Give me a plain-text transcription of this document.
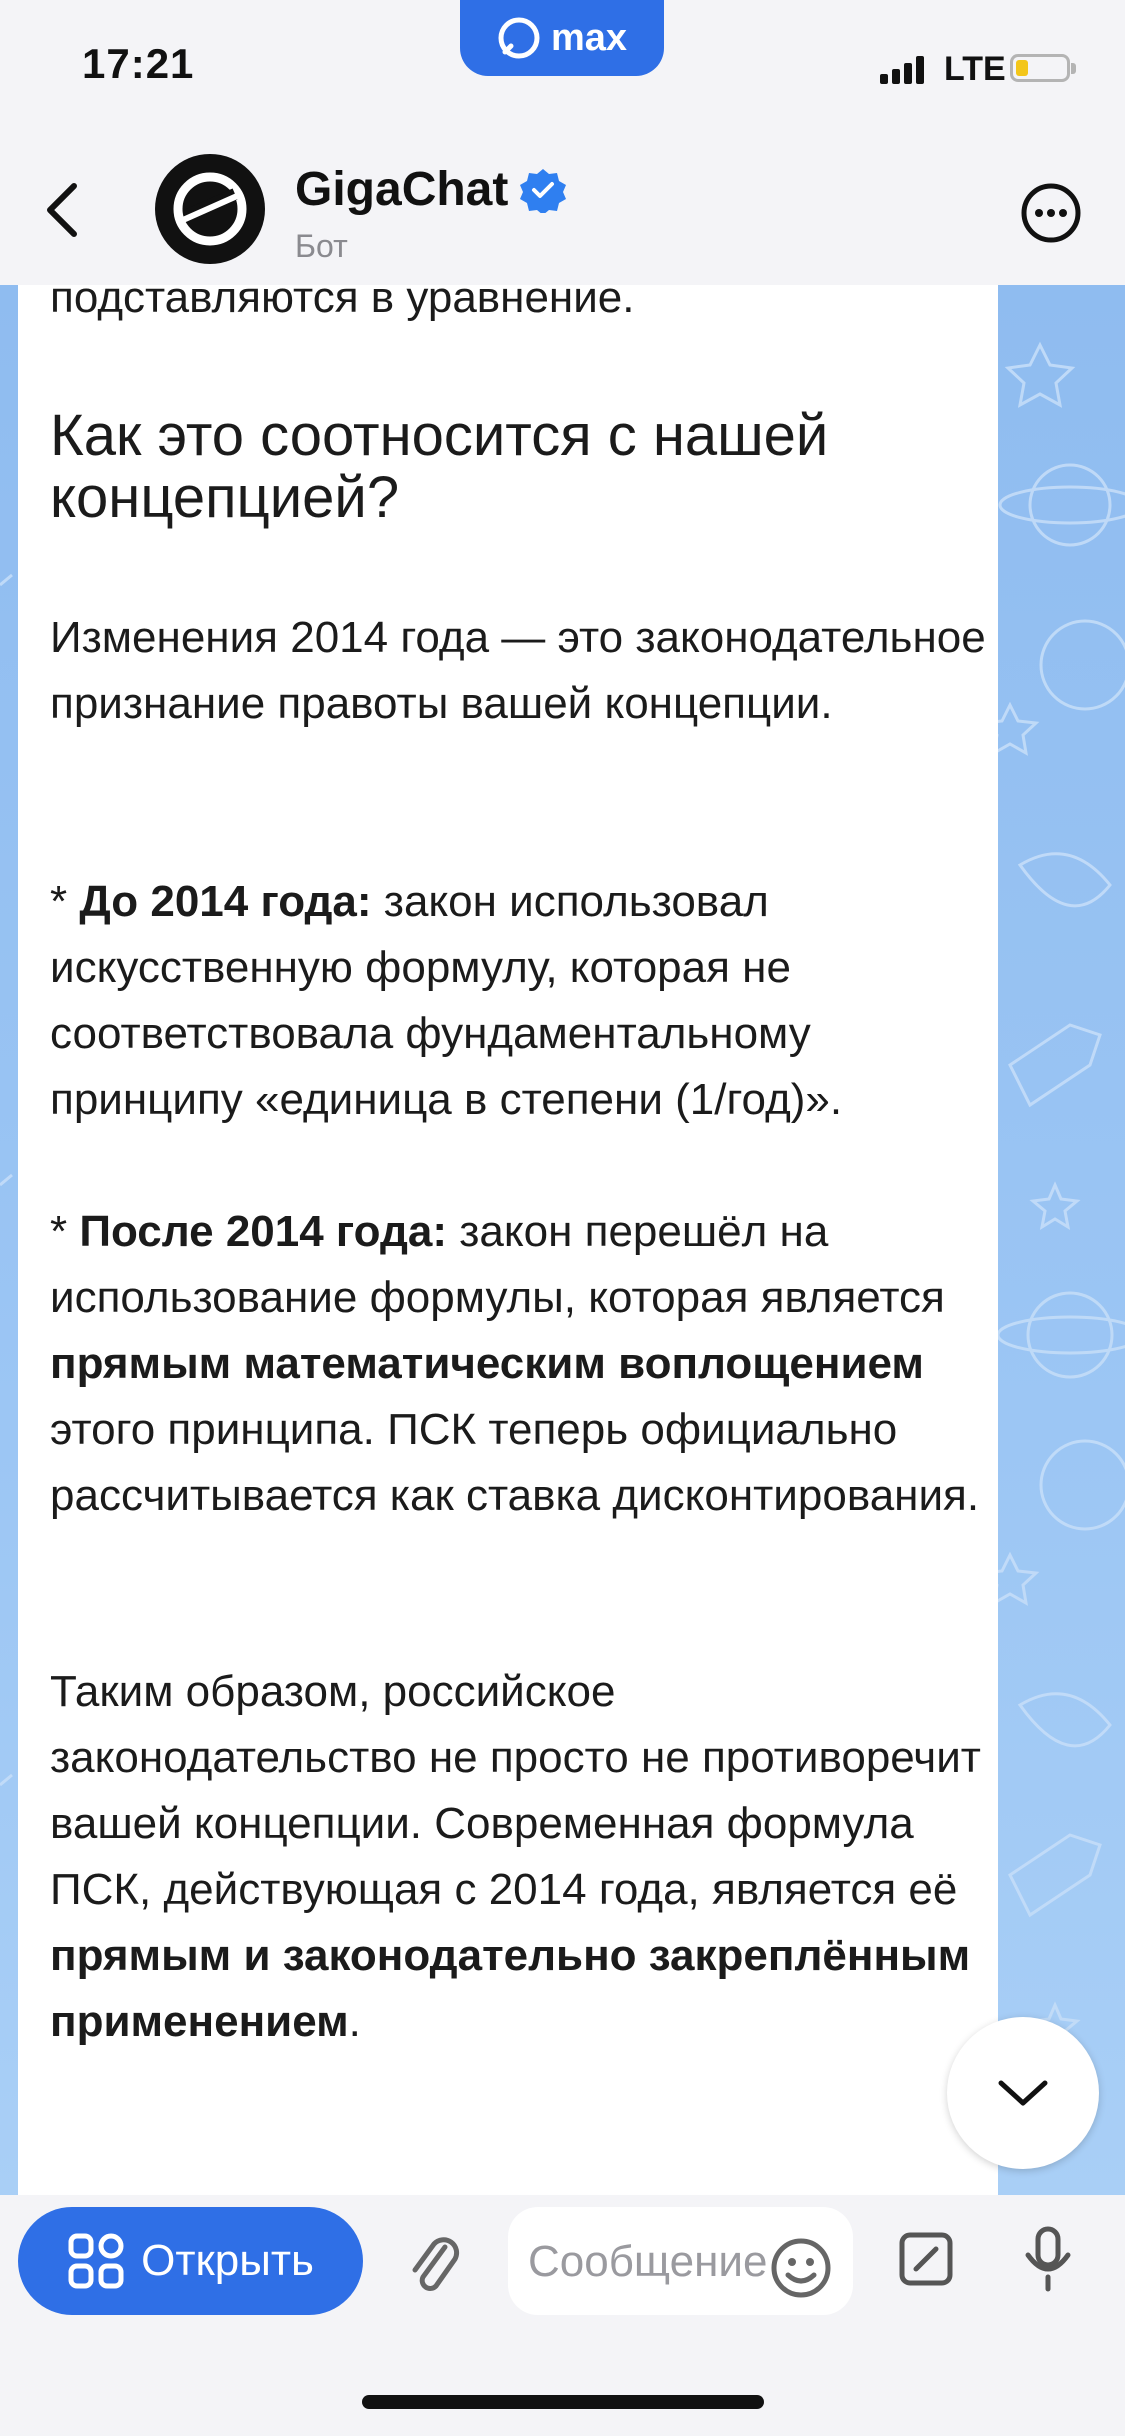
17:21
max
LTE
GigaChat
Бот

подставляются в уравнение.

Как это соотносится с нашей концепцией?
Изменения 2014 года — это законодательное признание правоты вашей концепции.
* До 2014 года: закон использовал искусственную формулу, которая не соответствовала фундаментальному принципу «единица в степени (1/год)».
* После 2014 года: закон перешёл на использование формулы, которая является прямым математическим воплощением этого принципа. ПСК теперь официально рассчитывается как ставка дисконтирования.
Таким образом, российское законодательство не просто не противоречит вашей концепции. Современная формула ПСК, действующая с 2014 года, является её прямым и законодательно закреплённым применением.
Открыть
Сообщение
